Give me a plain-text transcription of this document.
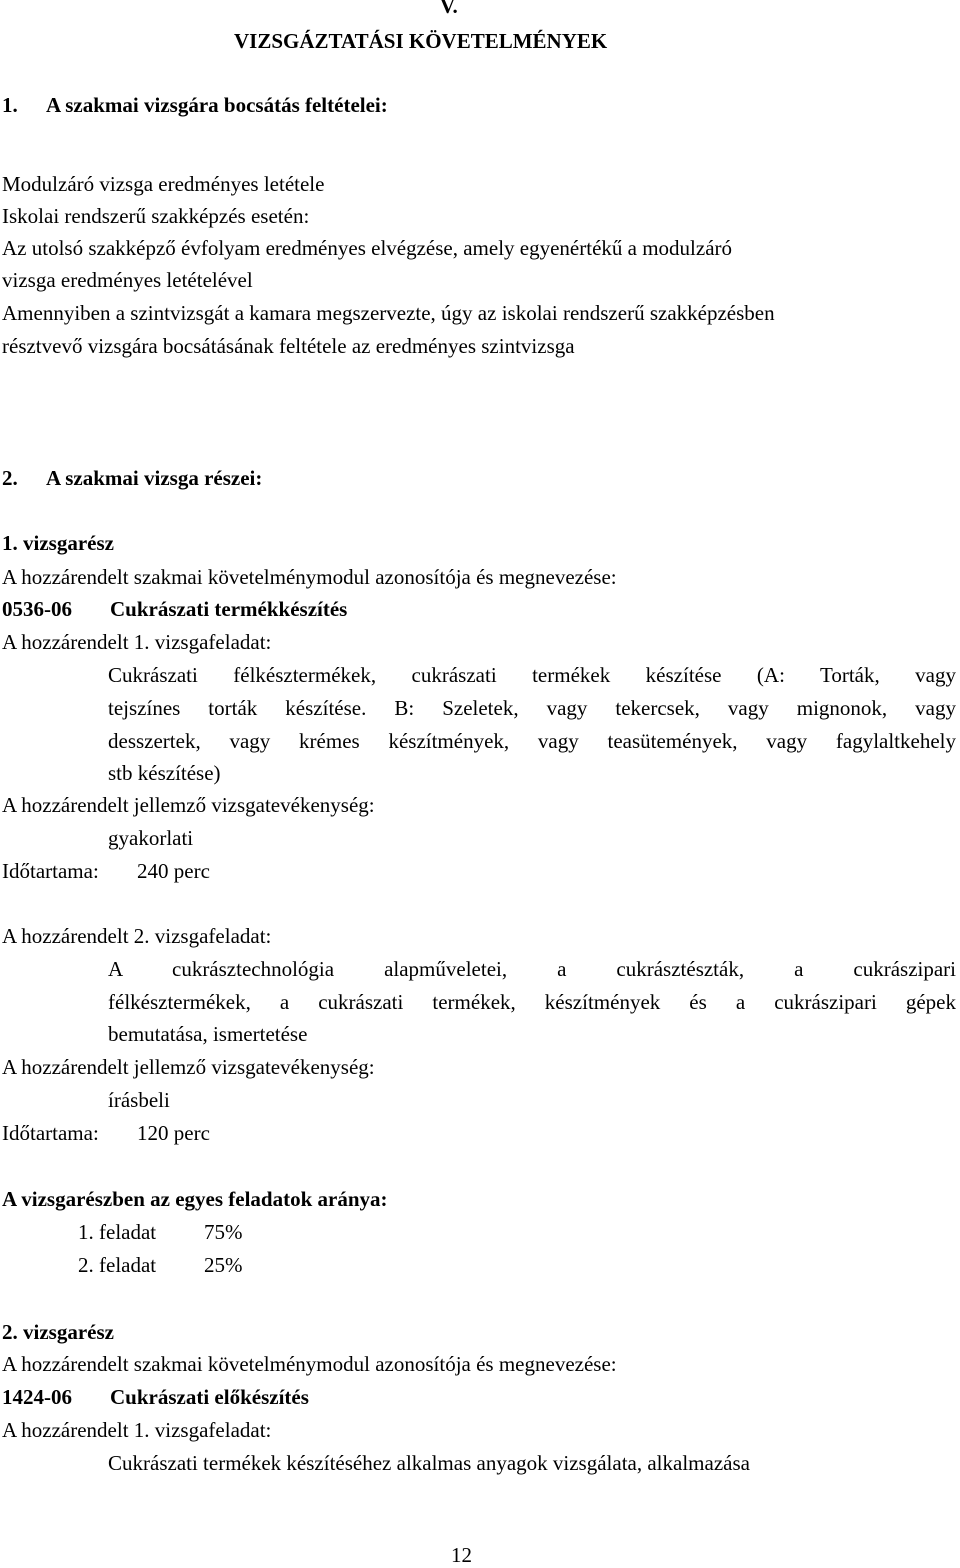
V.
VIZSGÁZTATÁSI KÖVETELMÉNYEK
1. A szakmai vizsgára bocsátás feltételei:
Modulzáró vizsga eredményes letétele
Iskolai rendszerű szakképzés esetén:
Az utolsó szakképző évfolyam eredményes elvégzése, amely egyenértékű a modulzáró
vizsga eredményes letételével
Amennyiben a szintvizsgát a kamara megszervezte, úgy az iskolai rendszerű szakképzésben
résztvevő vizsgára bocsátásának feltétele az eredményes szintvizsga
2. A szakmai vizsga részei:
1. vizsgarész
A hozzárendelt szakmai követelménymodul azonosítója és megnevezése:
0536-06 Cukrászati termékkészítés
A hozzárendelt 1. vizsgafeladat:
Cukrászati félkésztermékek, cukrászati termékek készítése (A: Torták, vagy
tejszínes torták készítése. B: Szeletek, vagy tekercsek, vagy mignonok, vagy
desszertek, vagy krémes készítmények, vagy teasütemények, vagy fagylaltkehely
stb készítése)
A hozzárendelt jellemző vizsgatevékenység:
gyakorlati
Időtartama: 240 perc
A hozzárendelt 2. vizsgafeladat:
A cukrásztechnológia alapműveletei, a cukrásztészták, a cukrászipari
félkésztermékek, a cukrászati termékek, készítmények és a cukrászipari gépek
bemutatása, ismertetése
A hozzárendelt jellemző vizsgatevékenység:
írásbeli
Időtartama: 120 perc
A vizsgarészben az egyes feladatok aránya:
1. feladat 75%
2. feladat 25%
2. vizsgarész
A hozzárendelt szakmai követelménymodul azonosítója és megnevezése:
1424-06 Cukrászati előkészítés
A hozzárendelt 1. vizsgafeladat:
Cukrászati termékek készítéséhez alkalmas anyagok vizsgálata, alkalmazása
12
